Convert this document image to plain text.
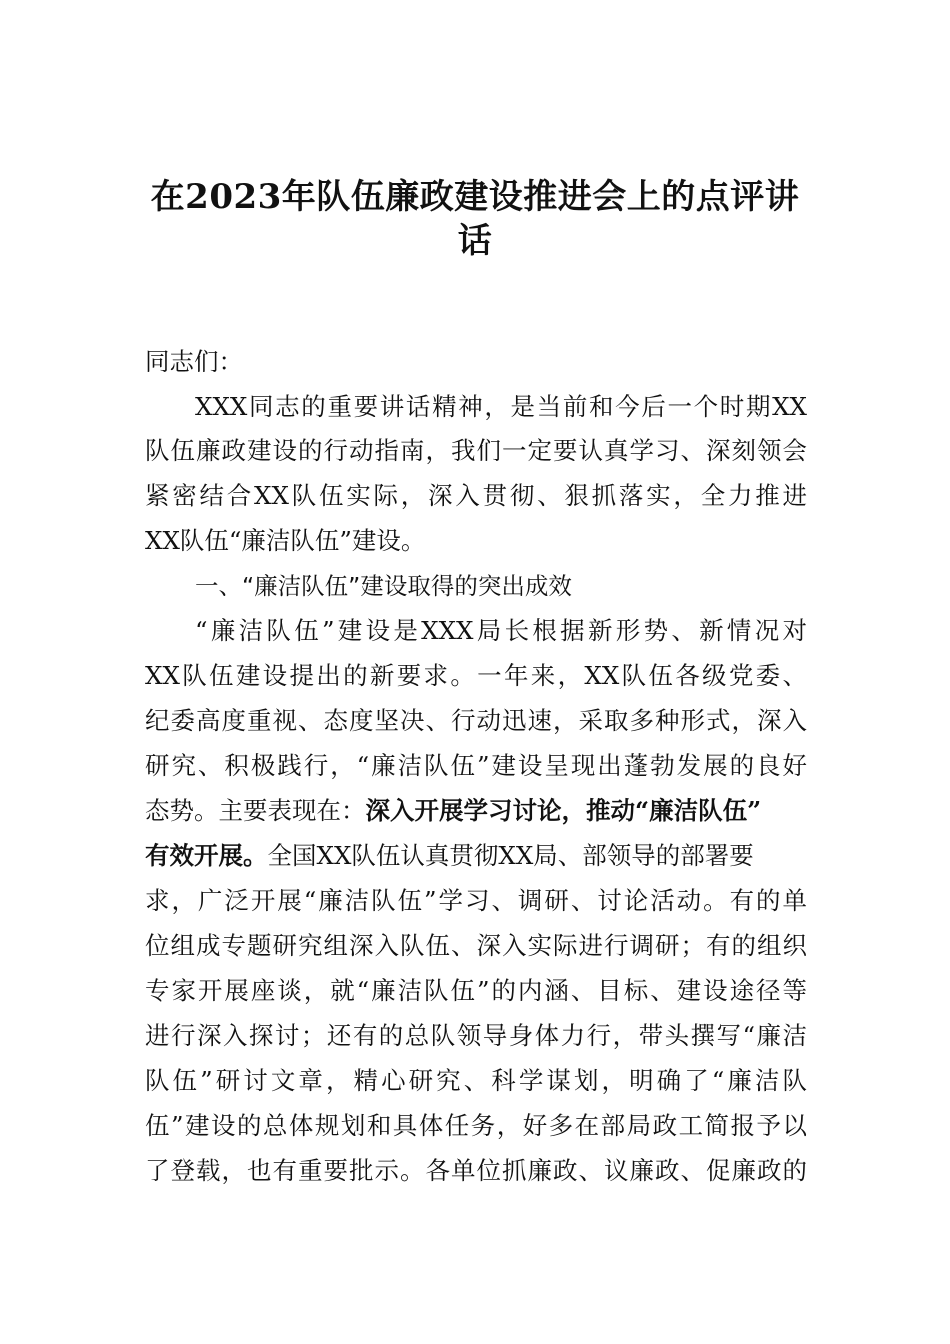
在2023年队伍廉政建设推进会上的点评讲
话
同志们：
XXX同志的重要讲话精神，是当前和今后一个时期XX
队伍廉政建设的行动指南，我们一定要认真学习、深刻领会
紧密结合XX队伍实际，深入贯彻、狠抓落实，全力推进
XX队伍“廉洁队伍”建设。
一、“廉洁队伍”建设取得的突出成效
“廉洁队伍”建设是XXX局长根据新形势、新情况对
XX队伍建设提出的新要求。一年来，XX队伍各级党委、
纪委高度重视、态度坚决、行动迅速，采取多种形式，深入
研究、积极践行，“廉洁队伍”建设呈现出蓬勃发展的良好
态势。主要表现在：深入开展学习讨论，推动“廉洁队伍”
有效开展。全国XX队伍认真贯彻XX局、部领导的部署要
求，广泛开展“廉洁队伍”学习、调研、讨论活动。有的单
位组成专题研究组深入队伍、深入实际进行调研；有的组织
专家开展座谈，就“廉洁队伍”的内涵、目标、建设途径等
进行深入探讨；还有的总队领导身体力行，带头撰写“廉洁
队伍”研讨文章，精心研究、科学谋划，明确了“廉洁队
伍”建设的总体规划和具体任务，好多在部局政工简报予以
了登载，也有重要批示。各单位抓廉政、议廉政、促廉政的
